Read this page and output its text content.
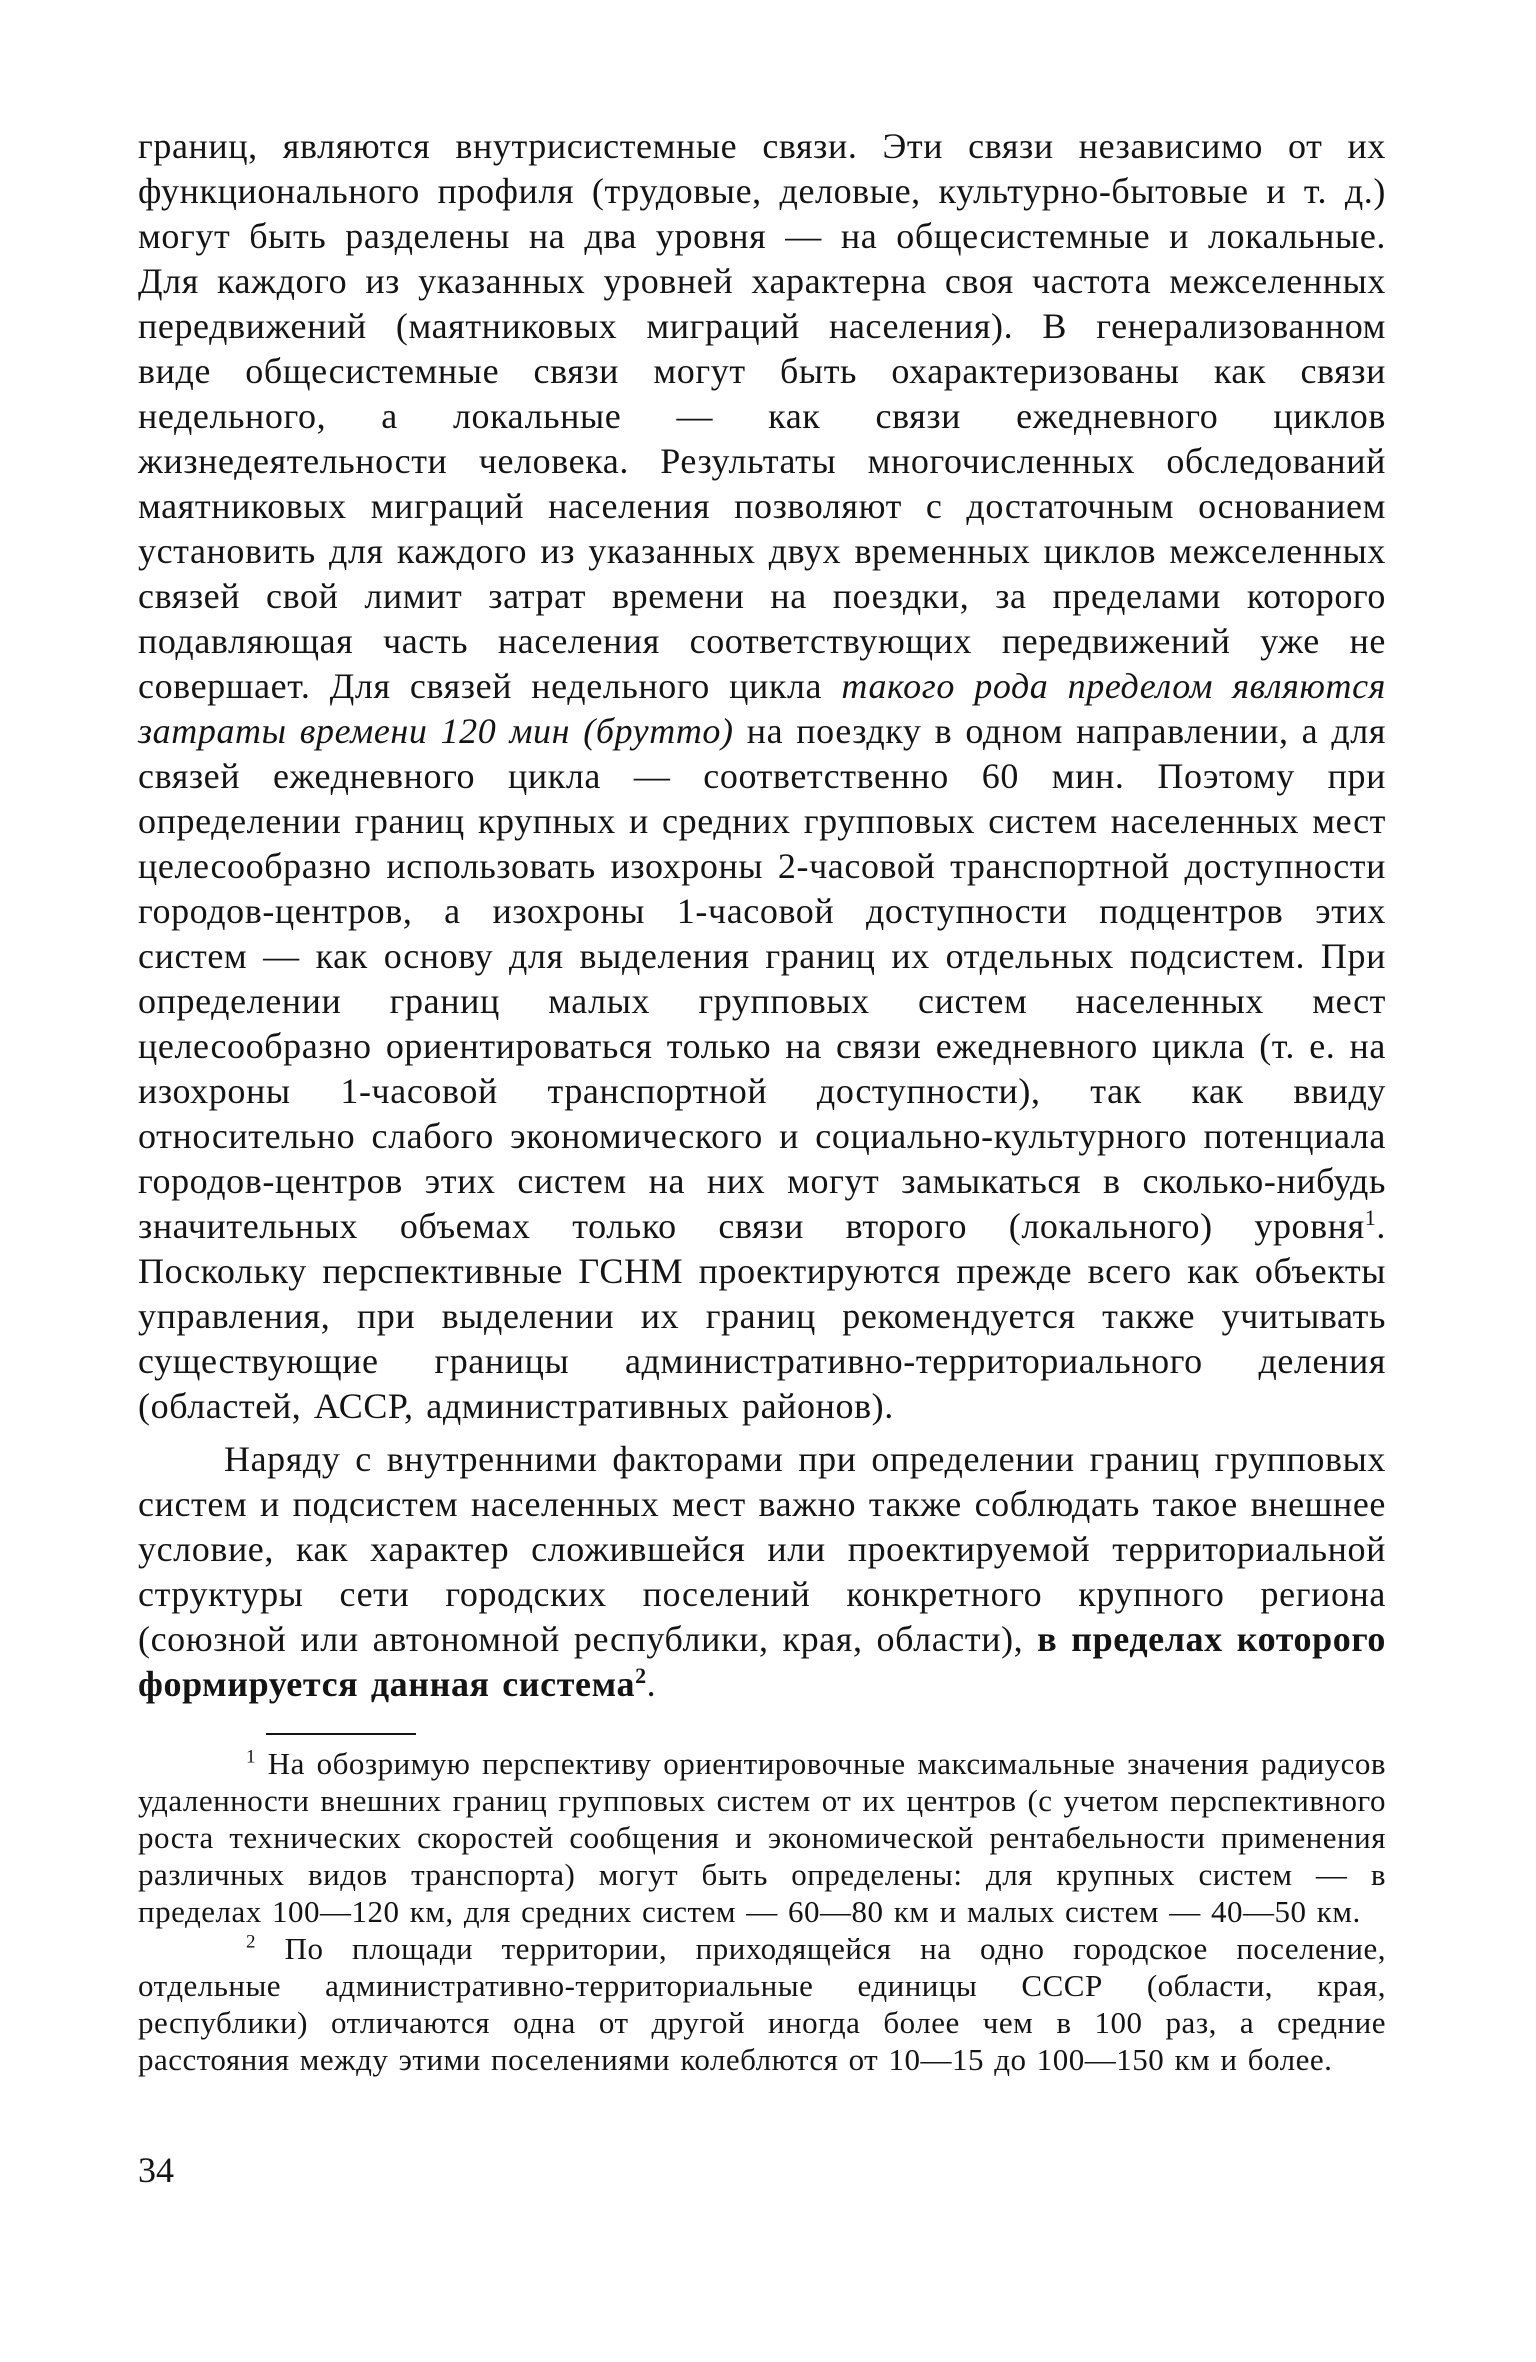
границ, являются внутрисистемные связи. Эти связи независимо от их функционального профиля (трудовые, деловые, культурно-бытовые и т. д.) могут быть разделены на два уровня — на общесистемные и локальные. Для каждого из указанных уровней характерна своя частота межселенных передвижений (маятниковых миграций населения). В генерализованном виде общесистемные связи могут быть охарактеризованы как связи недельного, а локальные — как связи ежедневного циклов жизнедеятельности человека. Результаты многочисленных обследований маятниковых миграций населения позволяют с достаточным основанием установить для каждого из указанных двух временных циклов межселенных связей свой лимит затрат времени на поездки, за пределами которого подавляющая часть населения соответствующих передвижений уже не совершает. Для связей недельного цикла такого рода пределом являются затраты времени 120 мин (брутто) на поездку в одном направлении, а для связей ежедневного цикла — соответственно 60 мин. Поэтому при определении границ крупных и средних групповых систем населенных мест целесообразно использовать изохроны 2-часовой транспортной доступности городов-центров, а изохроны 1-часовой доступности подцентров этих систем — как основу для выделения границ их отдельных подсистем. При определении границ малых групповых систем населенных мест целесообразно ориентироваться только на связи ежедневного цикла (т. е. на изохроны 1-часовой транспортной доступности), так как ввиду относительно слабого экономического и социально-культурного потенциала городов-центров этих систем на них могут замыкаться в сколько-нибудь значительных объемах только связи второго (локального) уровня$^1$. Поскольку перспективные ГСНМ проектируются прежде всего как объекты управления, при выделении их границ рекомендуется также учитывать существующие границы административно-территориального деления (областей, АССР, административных районов).

Наряду с внутренними факторами при определении границ групповых систем и подсистем населенных мест важно также соблюдать такое внешнее условие, как характер сложившейся или проектируемой территориальной структуры сети городских поселений конкретного крупного региона (союзной или автономной республики, края, области), в пределах которого формируется данная система$^2$.

$^1$ На обозримую перспективу ориентировочные максимальные значения радиусов удаленности внешних границ групповых систем от их центров (с учетом перспективного роста технических скоростей сообщения и экономической рентабельности применения различных видов транспорта) могут быть определены: для крупных систем — в пределах 100—120 км, для средних систем — 60—80 км и малых систем — 40—50 км.

$^2$ По площади территории, приходящейся на одно городское поселение, отдельные административно-территориальные единицы СССР (области, края, республики) отличаются одна от другой иногда более чем в 100 раз, а средние расстояния между этими поселениями колеблются от 10—15 до 100—150 км и более.

34
